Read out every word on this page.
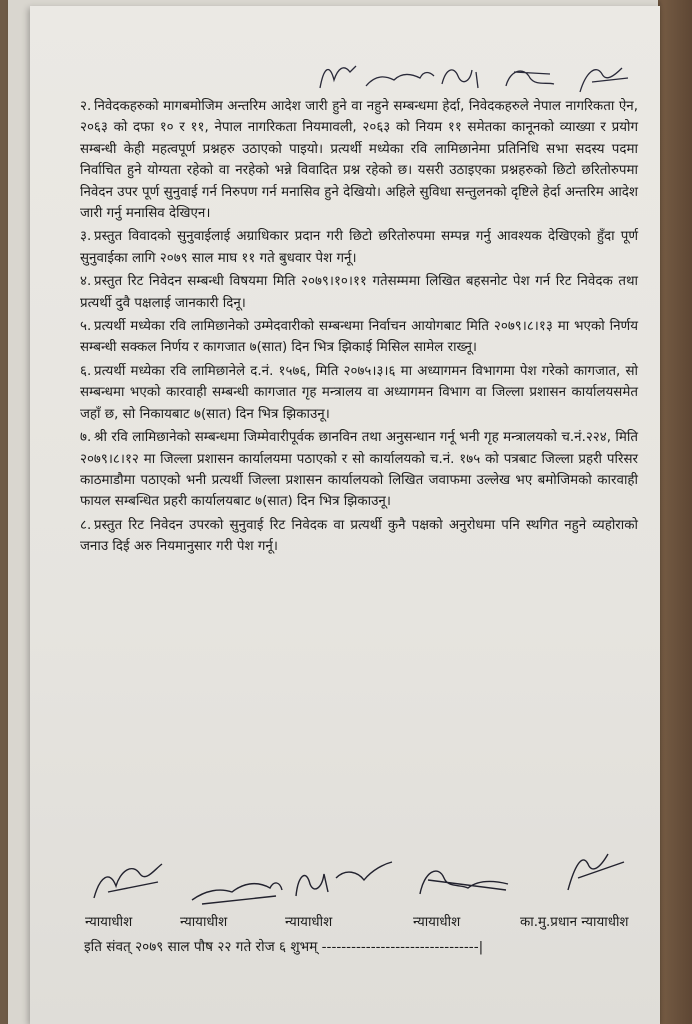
२. निवेदकहरुको मागबमोजिम अन्तरिम आदेश जारी हुने वा नहुने सम्बन्धमा हेर्दा, निवेदकहरुले नेपाल नागरिकता ऐन, २०६३ को दफा १० र ११, नेपाल नागरिकता नियमावली, २०६३ को नियम ११ समेतका कानूनको व्याख्या र प्रयोग सम्बन्धी केही महत्वपूर्ण प्रश्नहरु उठाएको पाइयो। प्रत्यर्थी मध्येका रवि लामिछानेमा प्रतिनिधि सभा सदस्य पदमा निर्वाचित हुने योग्यता रहेको वा नरहेको भन्ने विवादित प्रश्न रहेको छ। यसरी उठाइएका प्रश्नहरुको छिटो छरितोरुपमा निवेदन उपर पूर्ण सुनुवाई गर्न निरुपण गर्न मनासिव हुने देखियो। अहिले सुविधा सन्तुलनको दृष्टिले हेर्दा अन्तरिम आदेश जारी गर्नु मनासिव देखिएन।

३. प्रस्तुत विवादको सुनुवाईलाई अग्राधिकार प्रदान गरी छिटो छरितोरुपमा सम्पन्न गर्नु आवश्यक देखिएको हुँदा पूर्ण सुनुवाईका लागि २०७९ साल माघ ११ गते बुधवार पेश गर्नू।

४. प्रस्तुत रिट निवेदन सम्बन्धी विषयमा मिति २०७९।१०।११ गतेसम्ममा लिखित बहसनोट पेश गर्न रिट निवेदक तथा प्रत्यर्थी दुवै पक्षलाई जानकारी दिनू।

५. प्रत्यर्थी मध्येका रवि लामिछानेको उम्मेदवारीको सम्बन्धमा निर्वाचन आयोगबाट मिति २०७९।८।१३ मा भएको निर्णय सम्बन्धी सक्कल निर्णय र कागजात ७(सात) दिन भित्र झिकाई मिसिल सामेल राख्नू।

६. प्रत्यर्थी मध्येका रवि लामिछानेले द.नं. १५७६, मिति २०७५।३।६ मा अध्यागमन विभागमा पेश गरेको कागजात, सो सम्बन्धमा भएको कारवाही सम्बन्धी कागजात गृह मन्त्रालय वा अध्यागमन विभाग वा जिल्ला प्रशासन कार्यालयसमेत जहाँ छ, सो निकायबाट ७(सात) दिन भित्र झिकाउनू।

७. श्री रवि लामिछानेको सम्बन्धमा जिम्मेवारीपूर्वक छानविन तथा अनुसन्धान गर्नू भनी गृह मन्त्रालयको च.नं.२२४, मिति २०७९।८।१२ मा जिल्ला प्रशासन कार्यालयमा पठाएको र सो कार्यालयको च.नं. १७५ को पत्रबाट जिल्ला प्रहरी परिसर काठमाडौमा पठाएको भनी प्रत्यर्थी जिल्ला प्रशासन कार्यालयको लिखित जवाफमा उल्लेख भए बमोजिमको कारवाही फायल सम्बन्धित प्रहरी कार्यालयबाट ७(सात) दिन भित्र झिकाउनू।

८. प्रस्तुत रिट निवेदन उपरको सुनुवाई रिट निवेदक वा प्रत्यर्थी कुनै पक्षको अनुरोधमा पनि स्थगित नहुने व्यहोराको जनाउ दिई अरु नियमानुसार गरी पेश गर्नू।

न्यायाधीश	न्यायाधीश	न्यायाधीश	न्यायाधीश	का.मु.प्रधान न्यायाधीश
इति संवत् २०७९ साल पौष २२ गते रोज ६ शुभम् --------------------------------|
